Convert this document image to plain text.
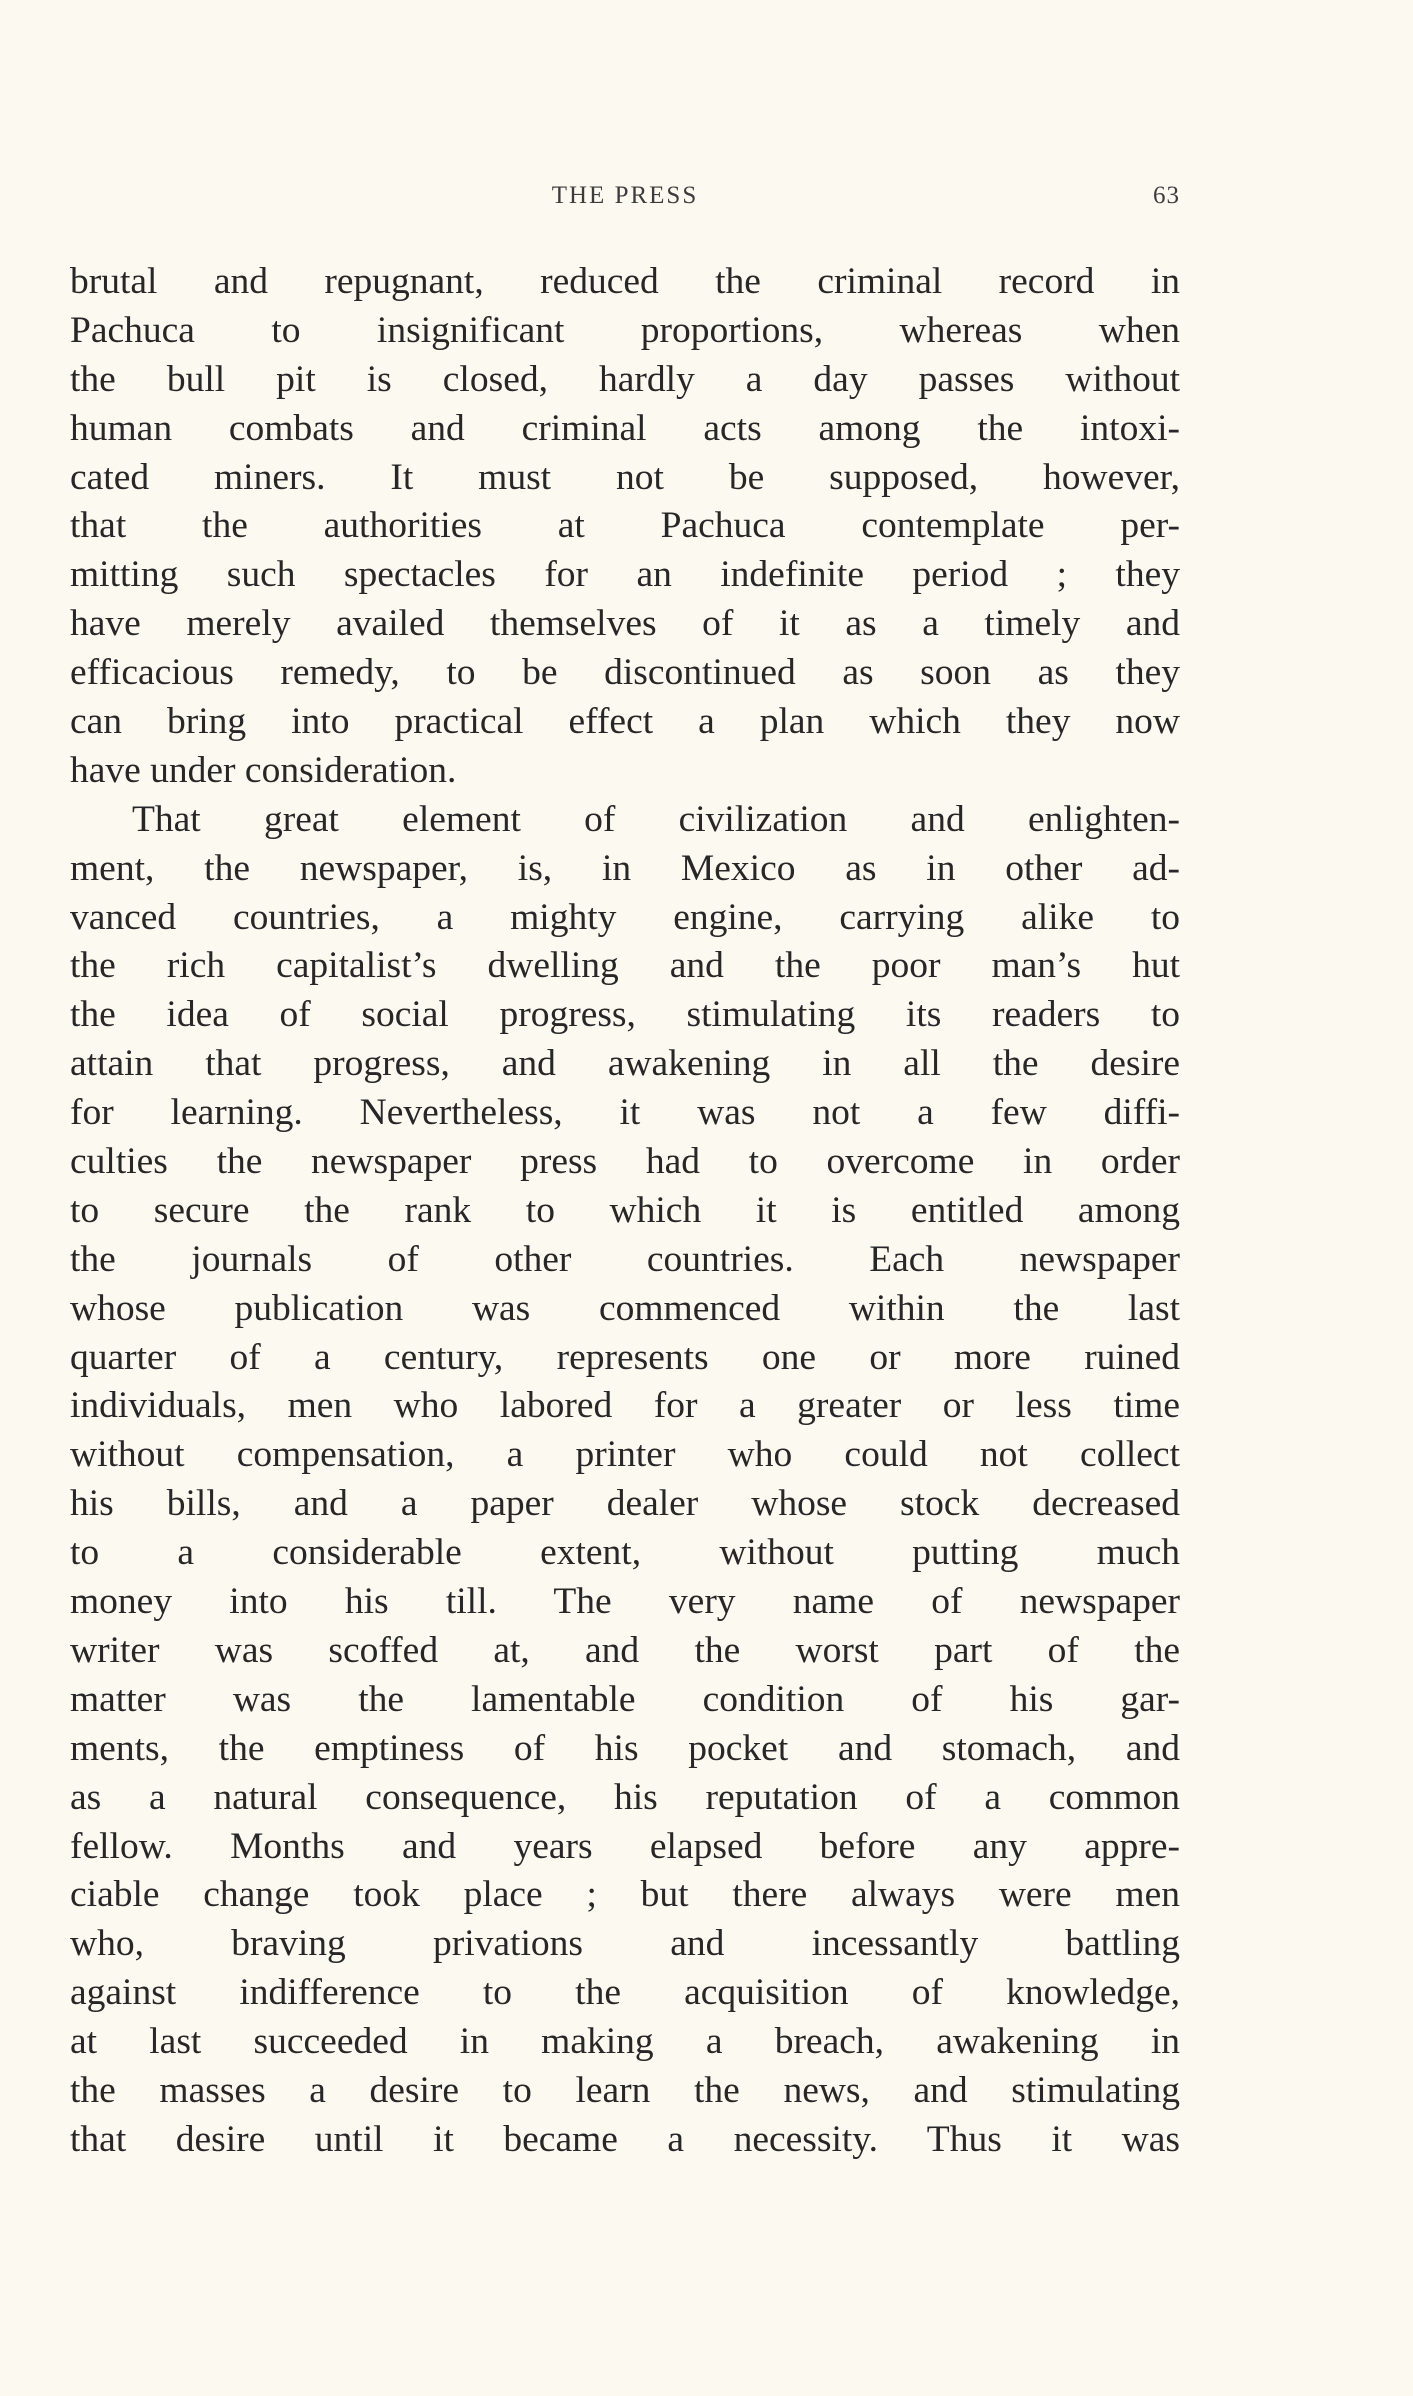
THE PRESS	63
brutal and repugnant, reduced the criminal record in
Pachuca to insignificant proportions, whereas when
the bull pit is closed, hardly a day passes without
human combats and criminal acts among the intoxi-
cated miners. It must not be supposed, however,
that the authorities at Pachuca contemplate per-
mitting such spectacles for an indefinite period ; they
have merely availed themselves of it as a timely and
efficacious remedy, to be discontinued as soon as they
can bring into practical effect a plan which they now
have under consideration.
That great element of civilization and enlighten-
ment, the newspaper, is, in Mexico as in other ad-
vanced countries, a mighty engine, carrying alike to
the rich capitalist’s dwelling and the poor man’s hut
the idea of social progress, stimulating its readers to
attain that progress, and awakening in all the desire
for learning. Nevertheless, it was not a few diffi-
culties the newspaper press had to overcome in order
to secure the rank to which it is entitled among
the journals of other countries. Each newspaper
whose publication was commenced within the last
quarter of a century, represents one or more ruined
individuals, men who labored for a greater or less time
without compensation, a printer who could not collect
his bills, and a paper dealer whose stock decreased
to a considerable extent, without putting much
money into his till. The very name of newspaper
writer was scoffed at, and the worst part of the
matter was the lamentable condition of his gar-
ments, the emptiness of his pocket and stomach, and
as a natural consequence, his reputation of a common
fellow. Months and years elapsed before any appre-
ciable change took place ; but there always were men
who, braving privations and incessantly battling
against indifference to the acquisition of knowledge,
at last succeeded in making a breach, awakening in
the masses a desire to learn the news, and stimulating
that desire until it became a necessity. Thus it was
